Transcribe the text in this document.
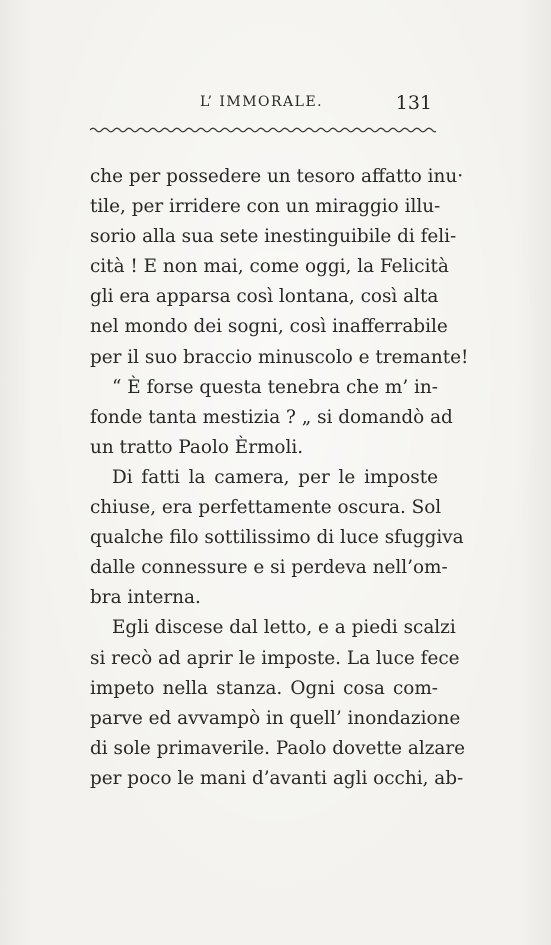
L’ IMMORALE.	131
che per possedere un tesoro affatto inu·
tile, per irridere con un miraggio illu-
sorio alla sua sete inestinguibile di feli-
cità ! E non mai, come oggi, la Felicità
gli era apparsa così lontana, così alta
nel mondo dei sogni, così inafferrabile
per il suo braccio minuscolo e tremante!
“ È forse questa tenebra che m’ in-
fonde tanta mestizia ? „ si domandò ad
un tratto Paolo Èrmoli.
Di fatti la camera, per le imposte
chiuse, era perfettamente oscura. Sol
qualche filo sottilissimo di luce sfuggiva
dalle connessure e si perdeva nell’om-
bra interna.
Egli discese dal letto, e a piedi scalzi
si recò ad aprir le imposte. La luce fece
impeto nella stanza. Ogni cosa com-
parve ed avvampò in quell’ inondazione
di sole primaverile. Paolo dovette alzare
per poco le mani d’avanti agli occhi, ab-
